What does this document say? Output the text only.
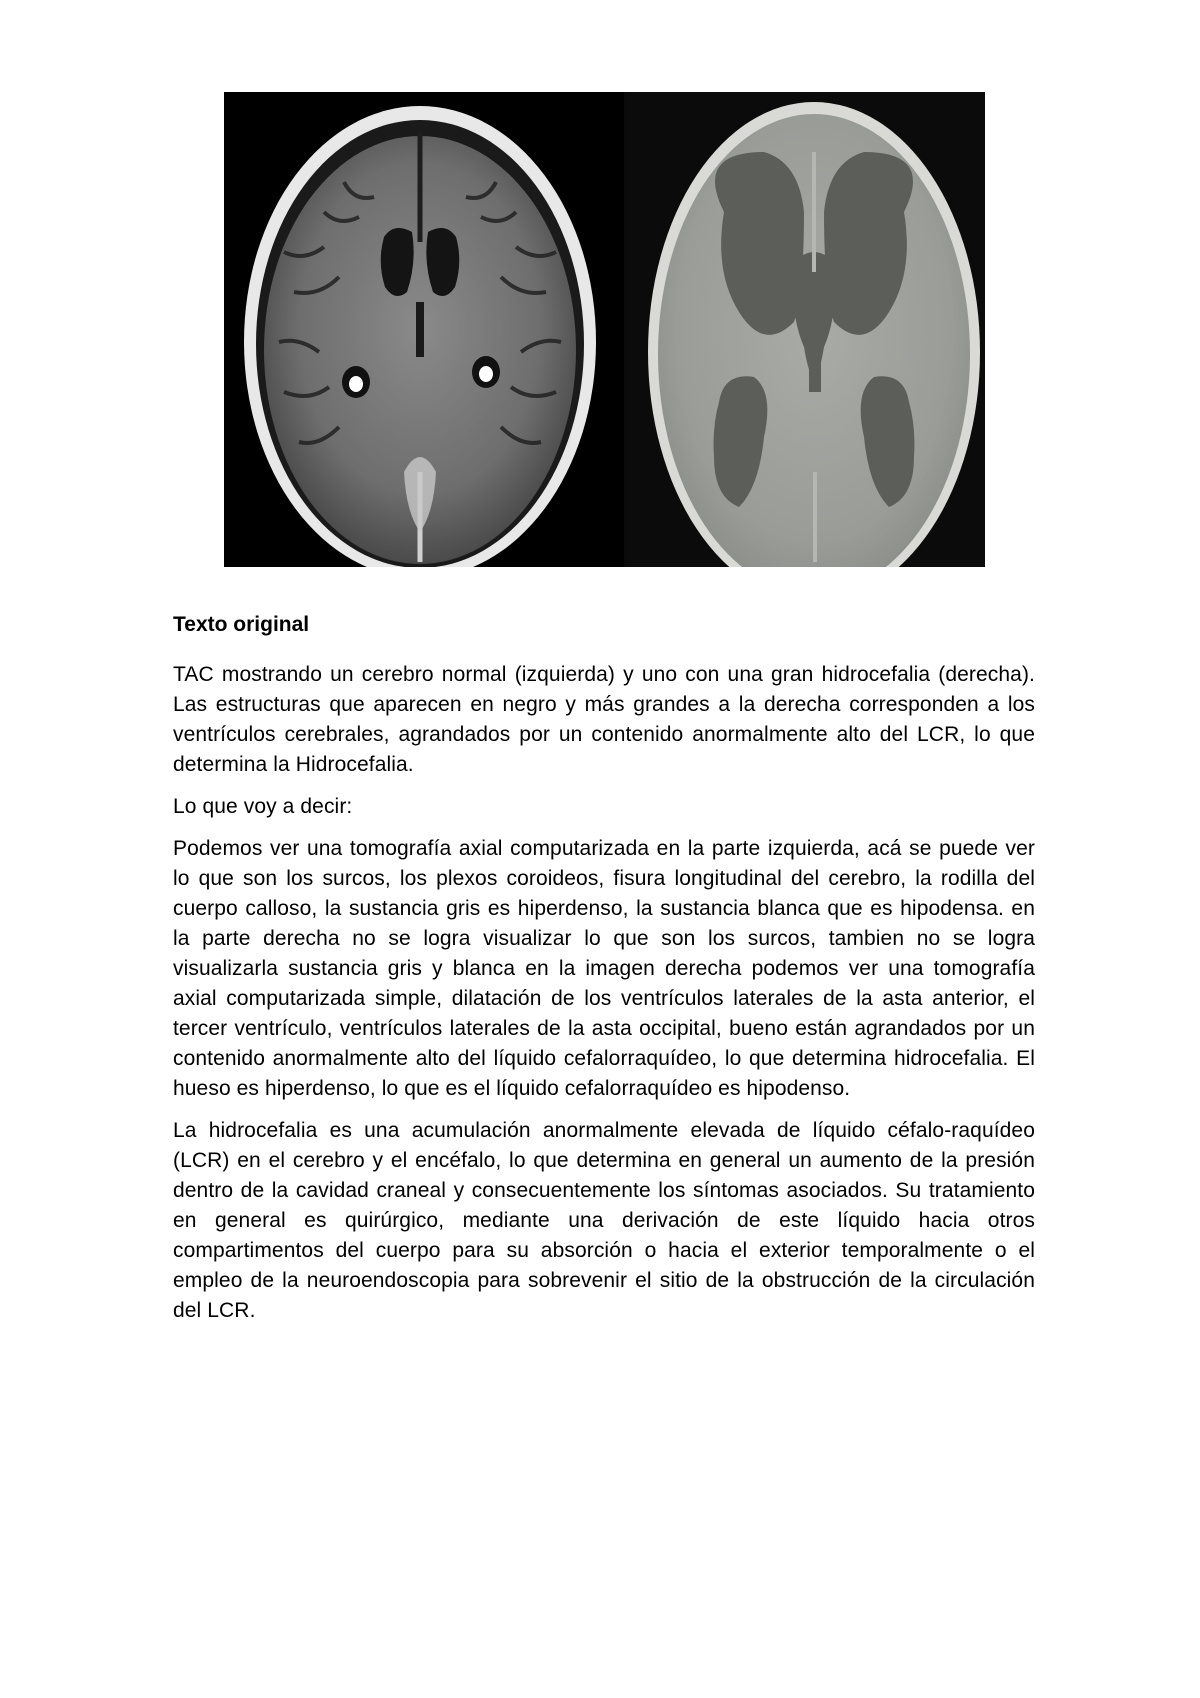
Texto original

TAC mostrando un cerebro normal (izquierda) y uno con una gran hidrocefalia (derecha). Las estructuras que aparecen en negro y más grandes a la derecha corresponden a los ventrículos cerebrales, agrandados por un contenido anormalmente alto del LCR, lo que determina la Hidrocefalia.

Lo que voy a decir:

Podemos ver una tomografía axial computarizada en la parte izquierda, acá se puede ver lo que son los surcos, los plexos coroideos, fisura longitudinal del cerebro, la rodilla del cuerpo calloso, la sustancia gris es hiperdenso, la sustancia blanca que es hipodensa. en la parte derecha no se logra visualizar lo que son los surcos, tambien no se logra visualizarla sustancia gris y blanca en la imagen derecha podemos ver una tomografía axial computarizada simple, dilatación de los ventrículos laterales de la asta anterior, el tercer ventrículo, ventrículos laterales de la asta occipital, bueno están agrandados por un contenido anormalmente alto del líquido cefalorraquídeo, lo que determina hidrocefalia. El hueso es hiperdenso, lo que es el líquido cefalorraquídeo es hipodenso.

La hidrocefalia es una acumulación anormalmente elevada de líquido céfalo-raquídeo (LCR) en el cerebro y el encéfalo, lo que determina en general un aumento de la presión dentro de la cavidad craneal y consecuentemente los síntomas asociados. Su tratamiento en general es quirúrgico, mediante una derivación de este líquido hacia otros compartimentos del cuerpo para su absorción o hacia el exterior temporalmente o el empleo de la neuroendoscopia para sobrevenir el sitio de la obstrucción de la circulación del LCR.
